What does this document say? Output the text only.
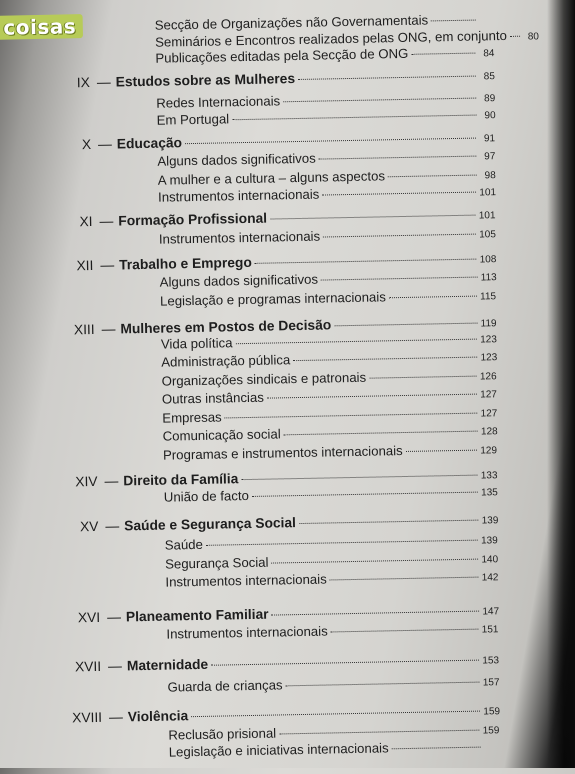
coisas	Secção de Organizações não Governamentais
Seminários e Encontros realizados pelas ONG, em conjunto	80
Publicações editadas pela Secção de ONG	84
IX — Estudos sobre as Mulheres	85
Redes Internacionais	89
Em Portugal	90
X — Educação	91
Alguns dados significativos	97
A mulher e a cultura – alguns aspectos	98
Instrumentos internacionais	101
XI — Formação Profissional	101
Instrumentos internacionais	105
XII — Trabalho e Emprego	108
Alguns dados significativos	113
Legislação e programas internacionais	115
XIII — Mulheres em Postos de Decisão	119
Vida política	123
Administração pública	123
Organizações sindicais e patronais	126
Outras instâncias	127
Empresas	127
Comunicação social	128
Programas e instrumentos internacionais	129
XIV — Direito da Família	133
União de facto	135
XV — Saúde e Segurança Social	139
Saúde	139
Segurança Social	140
Instrumentos internacionais	142
XVI — Planeamento Familiar	147
Instrumentos internacionais	151
XVII — Maternidade	153
Guarda de crianças	157
XVIII — Violência	159
Reclusão prisional	159
Legislação e iniciativas internacionais
